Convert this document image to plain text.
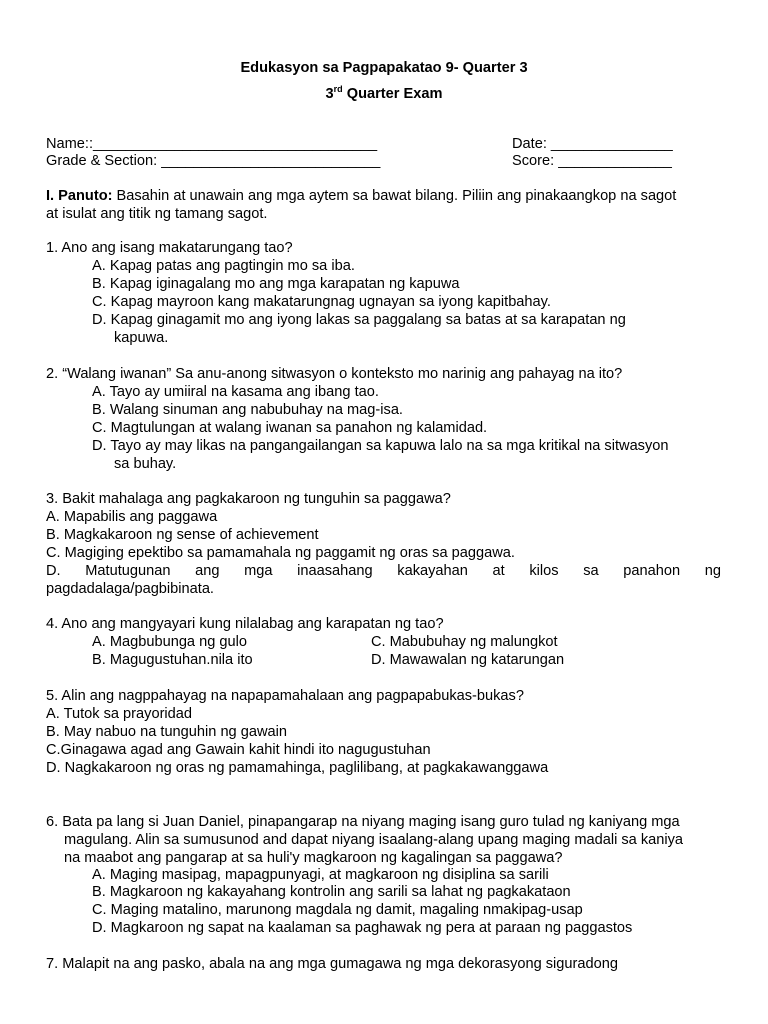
Edukasyon sa Pagpapakatao 9- Quarter 3
3rd Quarter Exam
Name::___________________________________	Date: _______________
Grade & Section: ___________________________	Score: ______________
I. Panuto: Basahin at unawain ang mga aytem sa bawat bilang. Piliin ang pinakaangkop na sagot
at isulat ang titik ng tamang sagot.
1. Ano ang isang makatarungang tao?
A. Kapag patas ang pagtingin mo sa iba.
B. Kapag iginagalang mo ang mga karapatan ng kapuwa
C. Kapag mayroon kang makatarungnag ugnayan sa iyong kapitbahay.
D. Kapag ginagamit mo ang iyong lakas sa paggalang sa batas at sa karapatan ng
kapuwa.
2. “Walang iwanan” Sa anu-anong sitwasyon o konteksto mo narinig ang pahayag na ito?
A. Tayo ay umiiral na kasama ang ibang tao.
B. Walang sinuman ang nabubuhay na mag-isa.
C. Magtulungan at walang iwanan sa panahon ng kalamidad.
D. Tayo ay may likas na pangangailangan sa kapuwa lalo na sa mga kritikal na sitwasyon
sa buhay.
3. Bakit mahalaga ang pagkakaroon ng tunguhin sa paggawa?
A. Mapabilis ang paggawa
B. Magkakaroon ng sense of achievement
C. Magiging epektibo sa pamamahala ng paggamit ng oras sa paggawa.
D. Matutugunan ang mga inaasahang kakayahan at kilos sa panahon ng
pagdadalaga/pagbibinata.
4. Ano ang mangyayari kung nilalabag ang karapatan ng tao?
A. Magbubunga ng gulo	C. Mabubuhay ng malungkot
B. Magugustuhan.nila ito	D. Mawawalan ng katarungan
5. Alin ang nagppahayag na napapamahalaan ang pagpapabukas-bukas?
A. Tutok sa prayoridad
B. May nabuo na tunguhin ng gawain
C.Ginagawa agad ang Gawain kahit hindi ito nagugustuhan
D. Nagkakaroon ng oras ng pamamahinga, paglilibang, at pagkakawanggawa
6. Bata pa lang si Juan Daniel, pinapangarap na niyang maging isang guro tulad ng kaniyang mga
magulang. Alin sa sumusunod and dapat niyang isaalang-alang upang maging madali sa kaniya
na maabot ang pangarap at sa huli'y magkaroon ng kagalingan sa paggawa?
A. Maging masipag, mapagpunyagi, at magkaroon ng disiplina sa sarili
B. Magkaroon ng kakayahang kontrolin ang sarili sa lahat ng pagkakataon
C. Maging matalino, marunong magdala ng damit, magaling nmakipag-usap
D. Magkaroon ng sapat na kaalaman sa paghawak ng pera at paraan ng paggastos
7. Malapit na ang pasko, abala na ang mga gumagawa ng mga dekorasyong siguradong
